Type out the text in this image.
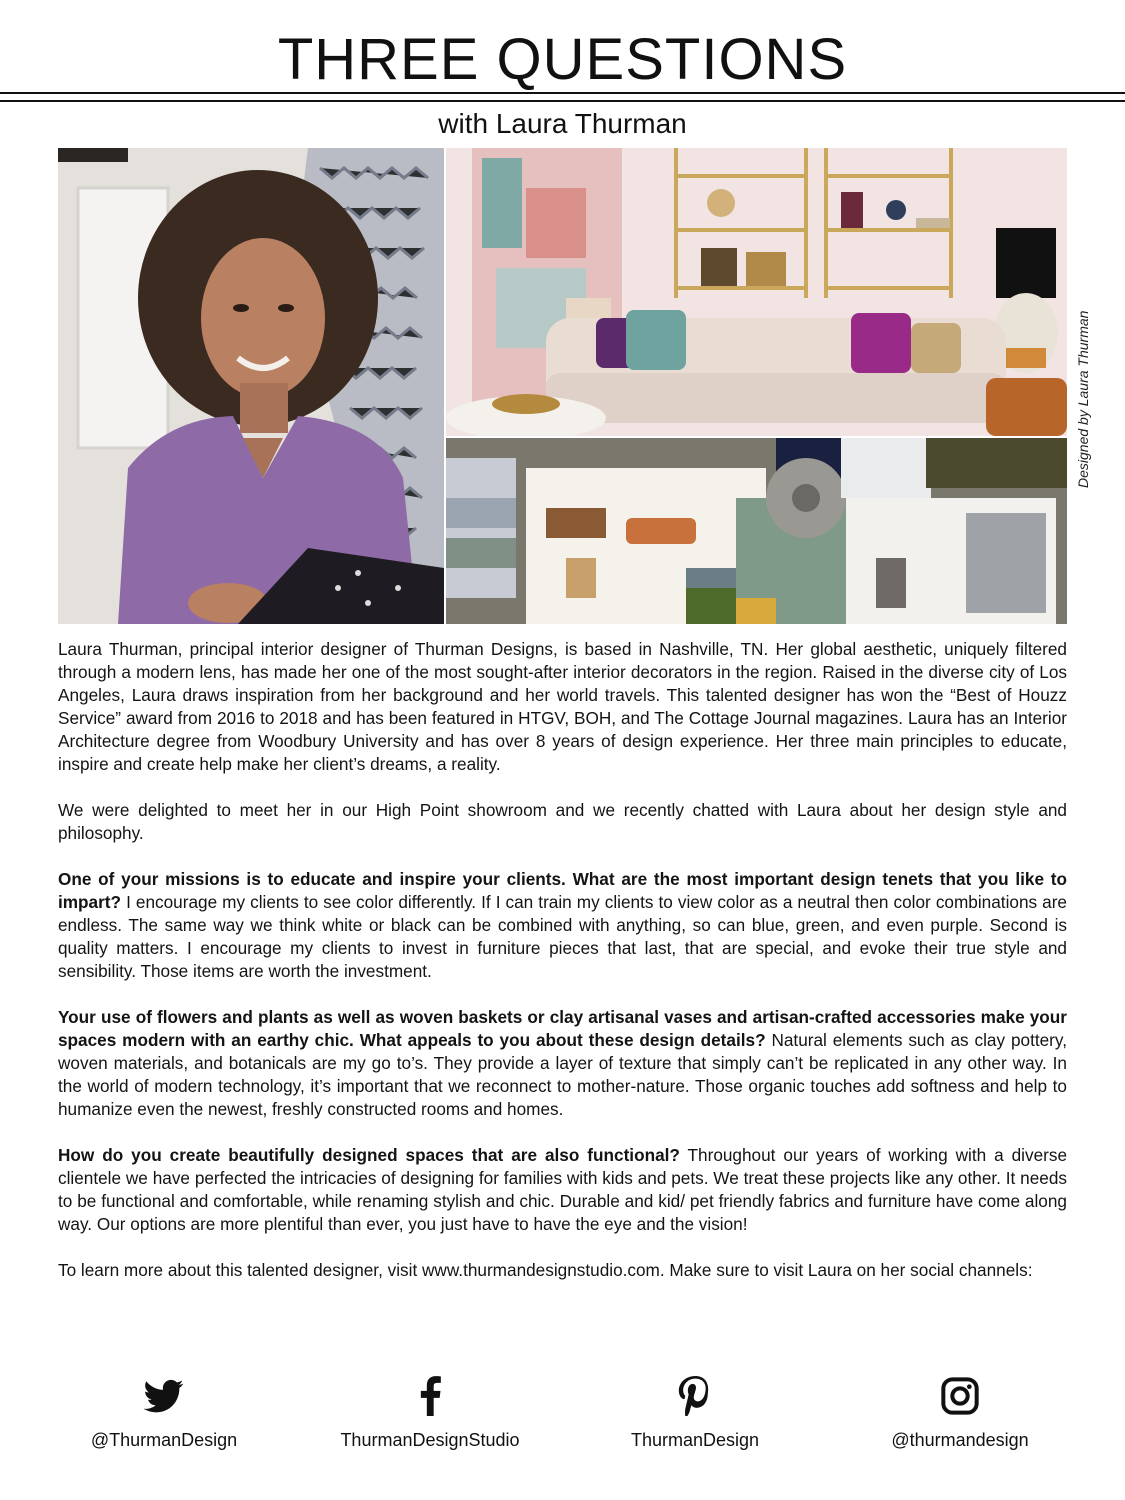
THREE QUESTIONS
with Laura Thurman
Designed by Laura Thurman

Laura Thurman, principal interior designer of Thurman Designs, is based in Nashville, TN. Her global aesthetic, uniquely filtered through a modern lens, has made her one of the most sought-after interior decorators in the region. Raised in the diverse city of Los Angeles, Laura draws inspiration from her background and her world travels. This talented designer has won the “Best of Houzz Service” award from 2016 to 2018 and has been featured in HTGV, BOH, and The Cottage Journal magazines. Laura has an Interior Architecture degree from Woodbury University and has over 8 years of design experience. Her three main principles to educate, inspire and create help make her client’s dreams, a reality.

We were delighted to meet her in our High Point showroom and we recently chatted with Laura about her design style and philosophy.

One of your missions is to educate and inspire your clients. What are the most important design tenets that you like to impart? I encourage my clients to see color differently. If I can train my clients to view color as a neutral then color combinations are endless. The same way we think white or black can be combined with anything, so can blue, green, and even purple. Second is quality matters. I encourage my clients to invest in furniture pieces that last, that are special, and evoke their true style and sensibility. Those items are worth the investment.

Your use of flowers and plants as well as woven baskets or clay artisanal vases and artisan-crafted accessories make your spaces modern with an earthy chic. What appeals to you about these design details? Natural elements such as clay pottery, woven materials, and botanicals are my go to’s. They provide a layer of texture that simply can’t be replicated in any other way. In the world of modern technology, it’s important that we reconnect to mother-nature. Those organic touches add softness and help to humanize even the newest, freshly constructed rooms and homes.

How do you create beautifully designed spaces that are also functional? Throughout our years of working with a diverse clientele we have perfected the intricacies of designing for families with kids and pets. We treat these projects like any other. It needs to be functional and comfortable, while renaming stylish and chic. Durable and kid/ pet friendly fabrics and furniture have come along way. Our options are more plentiful than ever, you just have to have the eye and the vision!

To learn more about this talented designer, visit www.thurmandesignstudio.com. Make sure to visit Laura on her social channels:

@ThurmanDesign	ThurmanDesignStudio	ThurmanDesign	@thurmandesign
